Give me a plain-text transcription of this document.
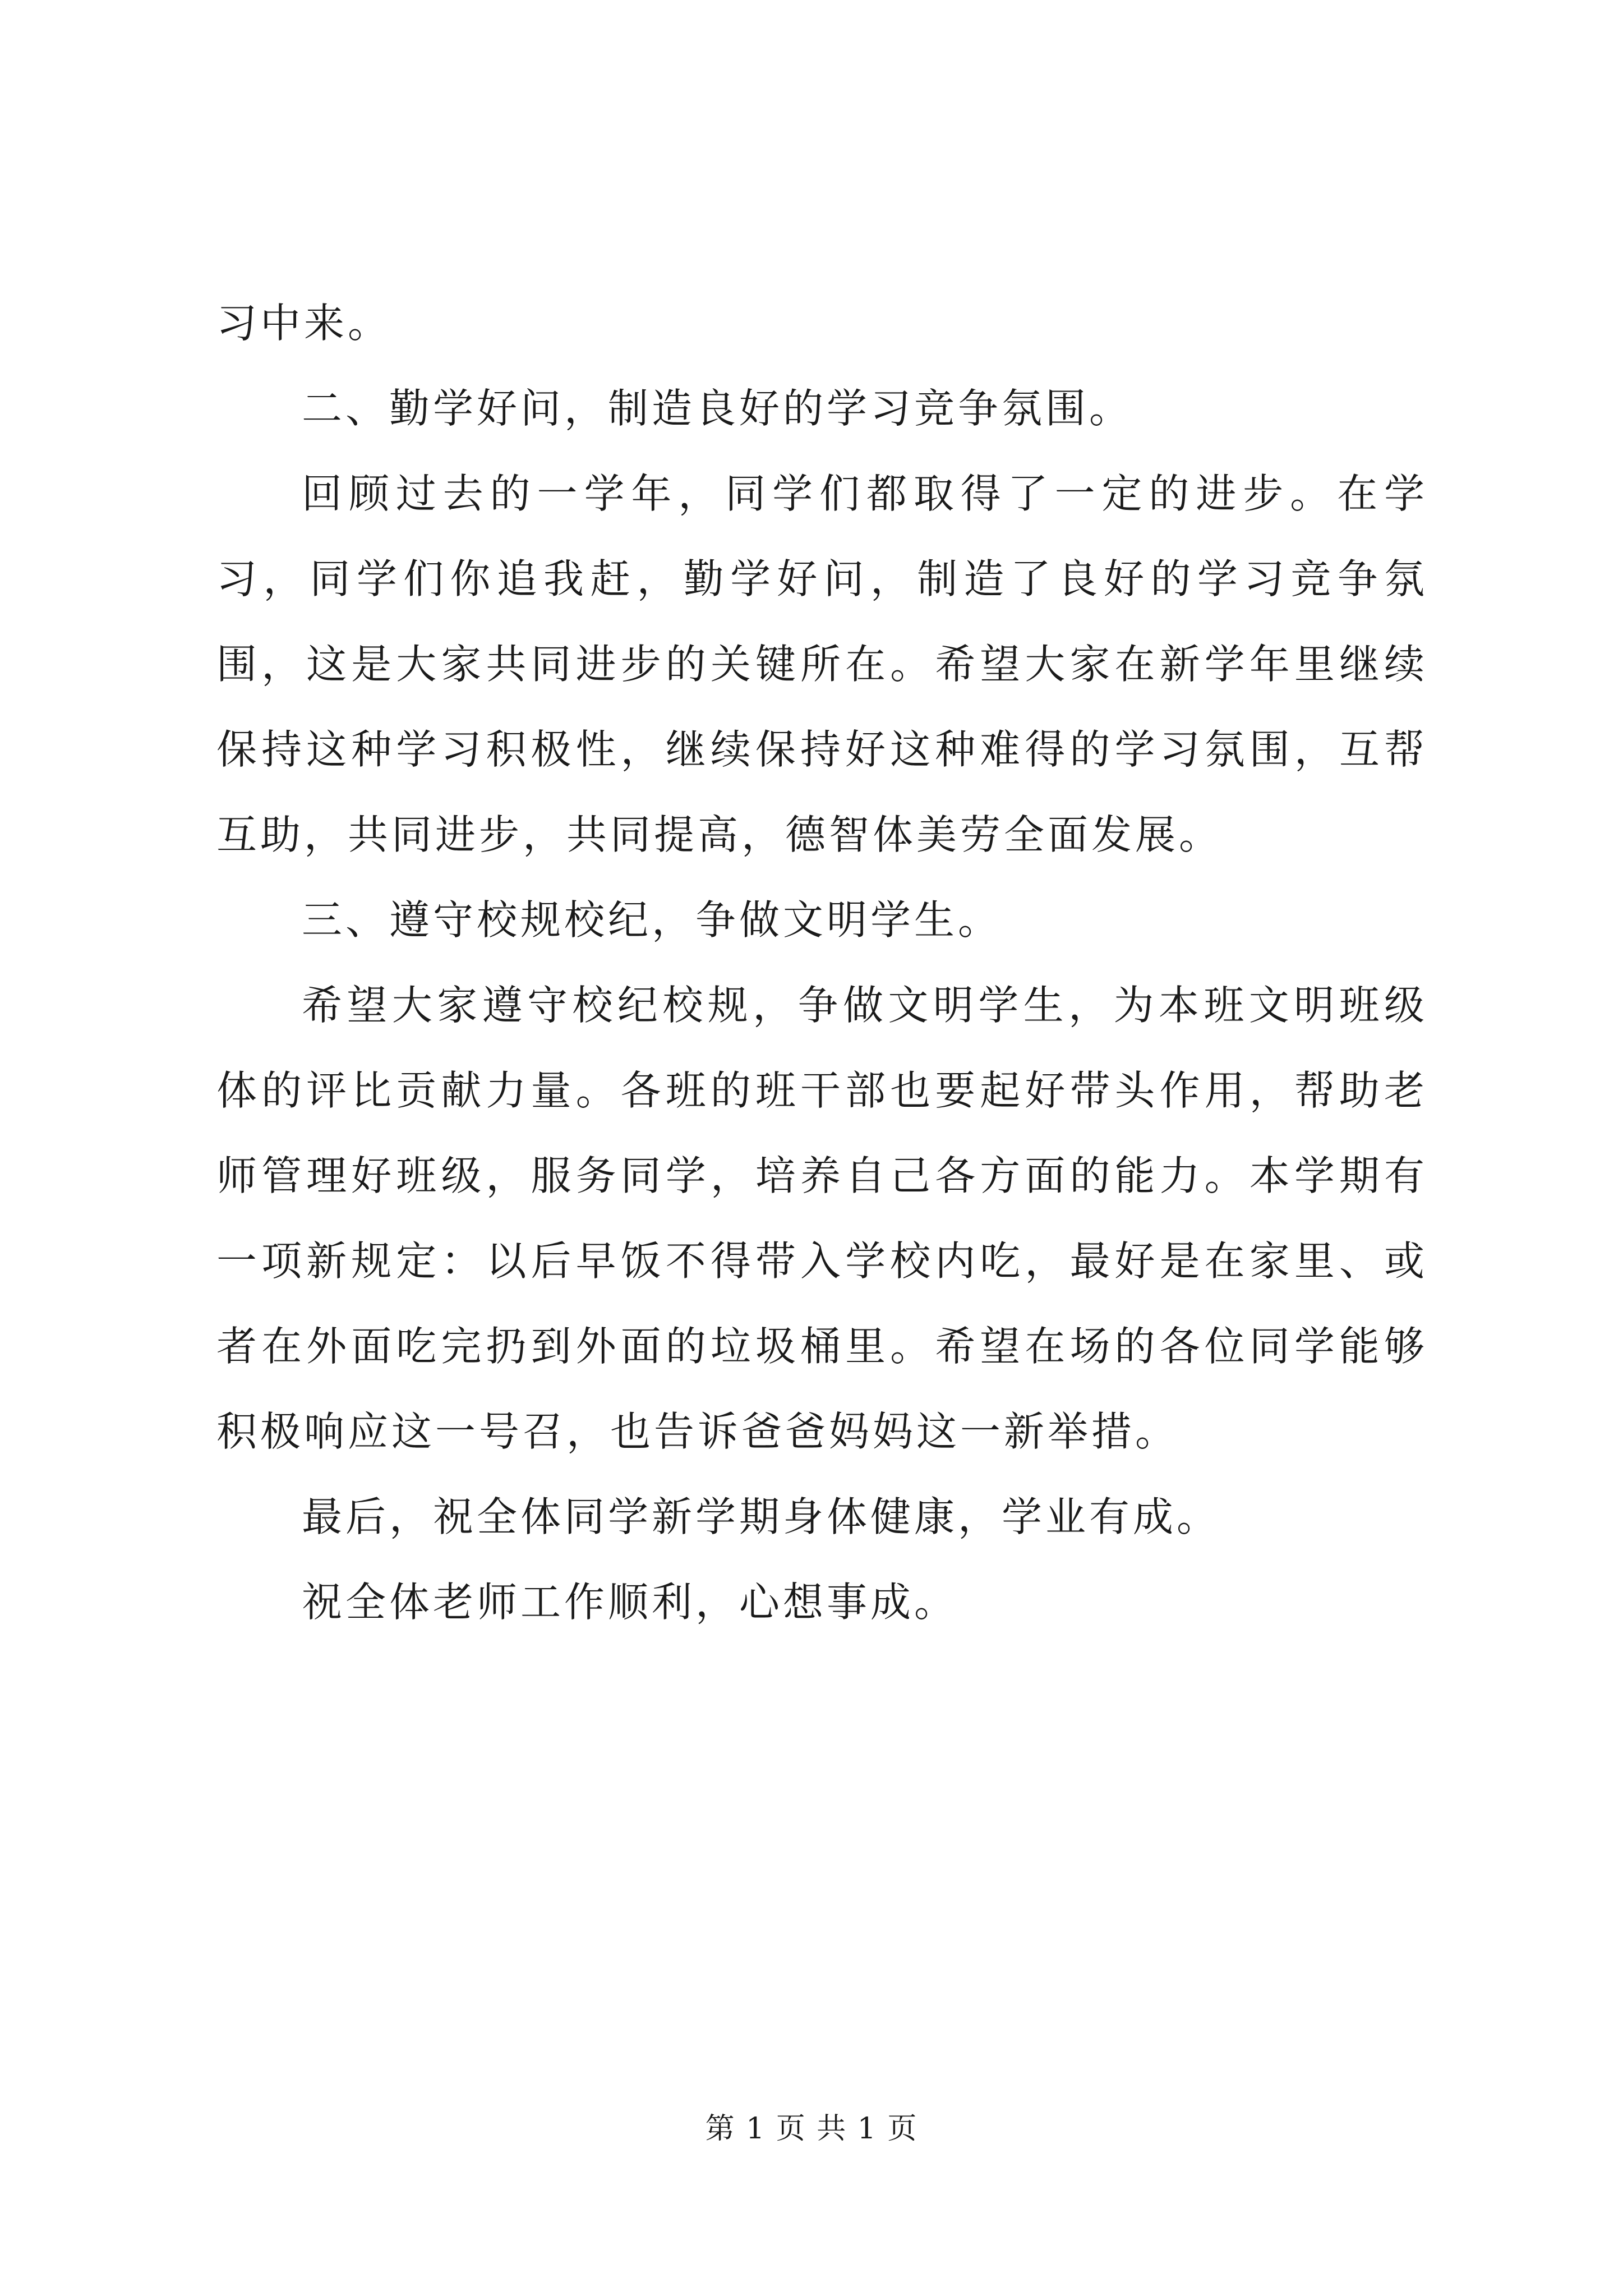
习中来。

二、勤学好问，制造良好的学习竞争氛围。

回顾过去的一学年，同学们都取得了一定的进步。在学习，同学们你追我赶，勤学好问，制造了良好的学习竞争氛围，这是大家共同进步的关键所在。希望大家在新学年里继续保持这种学习积极性，继续保持好这种难得的学习氛围，互帮互助，共同进步，共同提高，德智体美劳全面发展。

三、遵守校规校纪，争做文明学生。

希望大家遵守校纪校规，争做文明学生，为本班文明班级体的评比贡献力量。各班的班干部也要起好带头作用，帮助老师管理好班级，服务同学，培养自己各方面的能力。本学期有一项新规定：以后早饭不得带入学校内吃，最好是在家里、或者在外面吃完扔到外面的垃圾桶里。希望在场的各位同学能够积极响应这一号召，也告诉爸爸妈妈这一新举措。

最后，祝全体同学新学期身体健康，学业有成。

祝全体老师工作顺利，心想事成。

第 1 页 共 1 页
